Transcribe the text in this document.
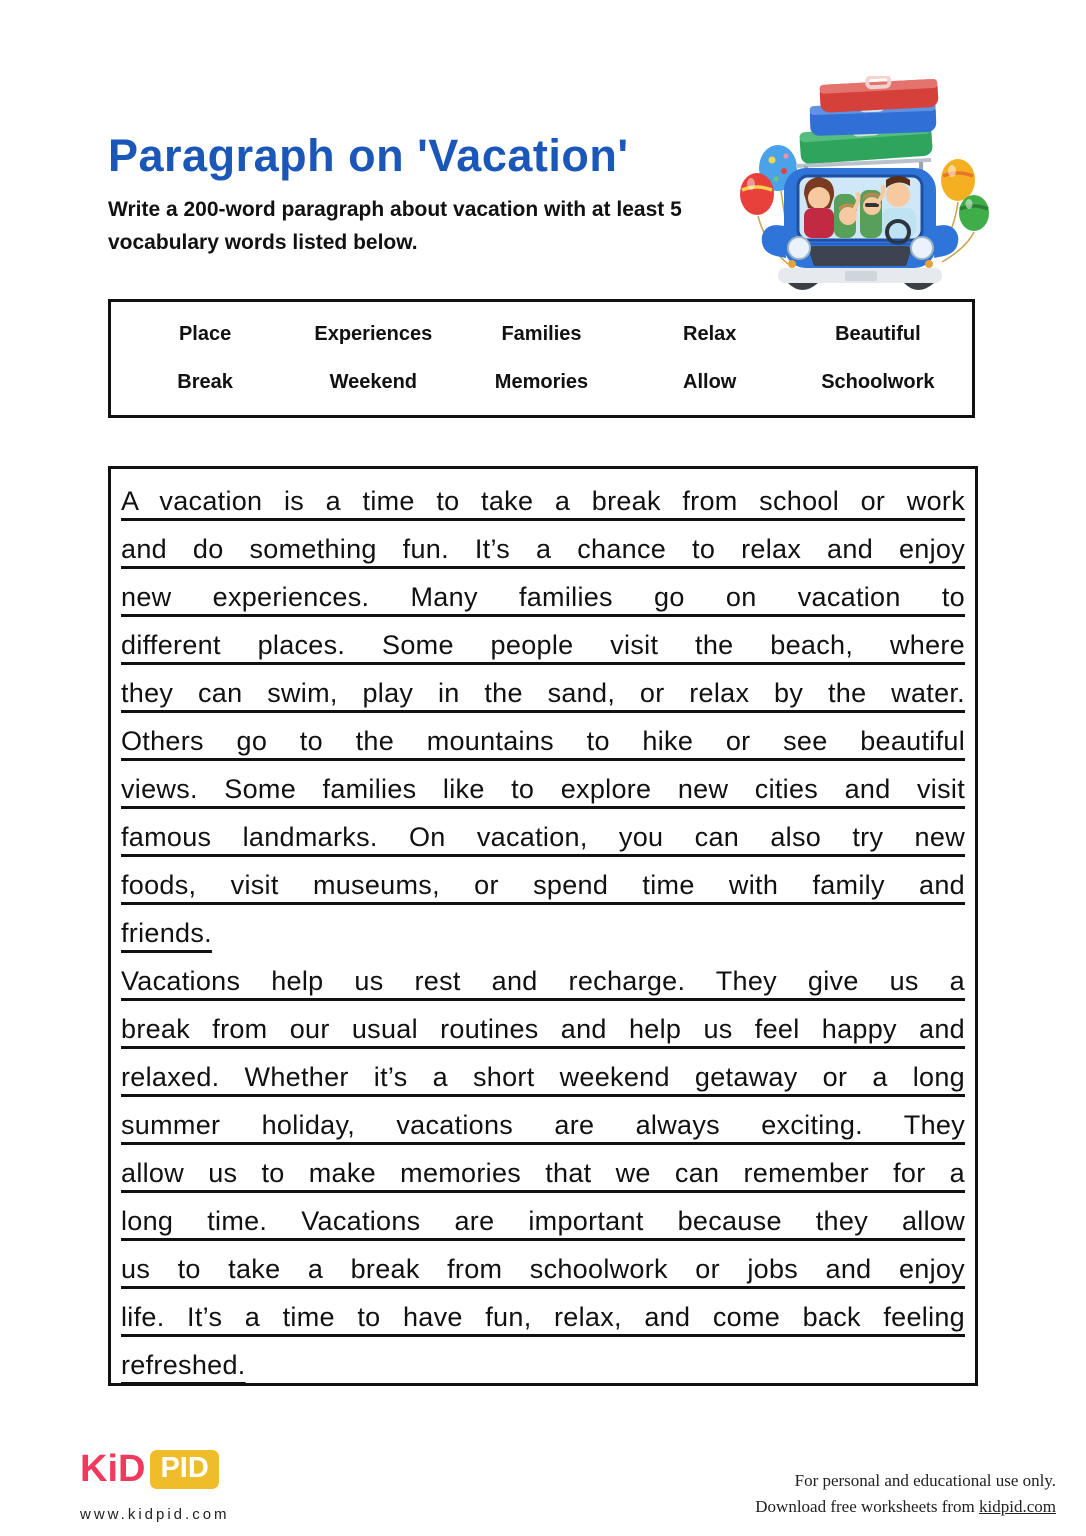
Paragraph on 'Vacation'
Write a 200-word paragraph about vacation with at least 5
vocabulary words listed below.
Place	Experiences	Families	Relax	Beautiful
Break	Weekend	Memories	Allow	Schoolwork
A vacation is a time to take a break from school or work
and do something fun. It’s a chance to relax and enjoy
new experiences. Many families go on vacation to
different places. Some people visit the beach, where
they can swim, play in the sand, or relax by the water.
Others go to the mountains to hike or see beautiful
views. Some families like to explore new cities and visit
famous landmarks. On vacation, you can also try new
foods, visit museums, or spend time with family and
friends.
Vacations help us rest and recharge. They give us a
break from our usual routines and help us feel happy and
relaxed. Whether it’s a short weekend getaway or a long
summer holiday, vacations are always exciting. They
allow us to make memories that we can remember for a
long time. Vacations are important because they allow
us to take a break from schoolwork or jobs and enjoy
life. It’s a time to have fun, relax, and come back feeling
refreshed.
KiD PID
www.kidpid.com
For personal and educational use only.
Download free worksheets from kidpid.com
